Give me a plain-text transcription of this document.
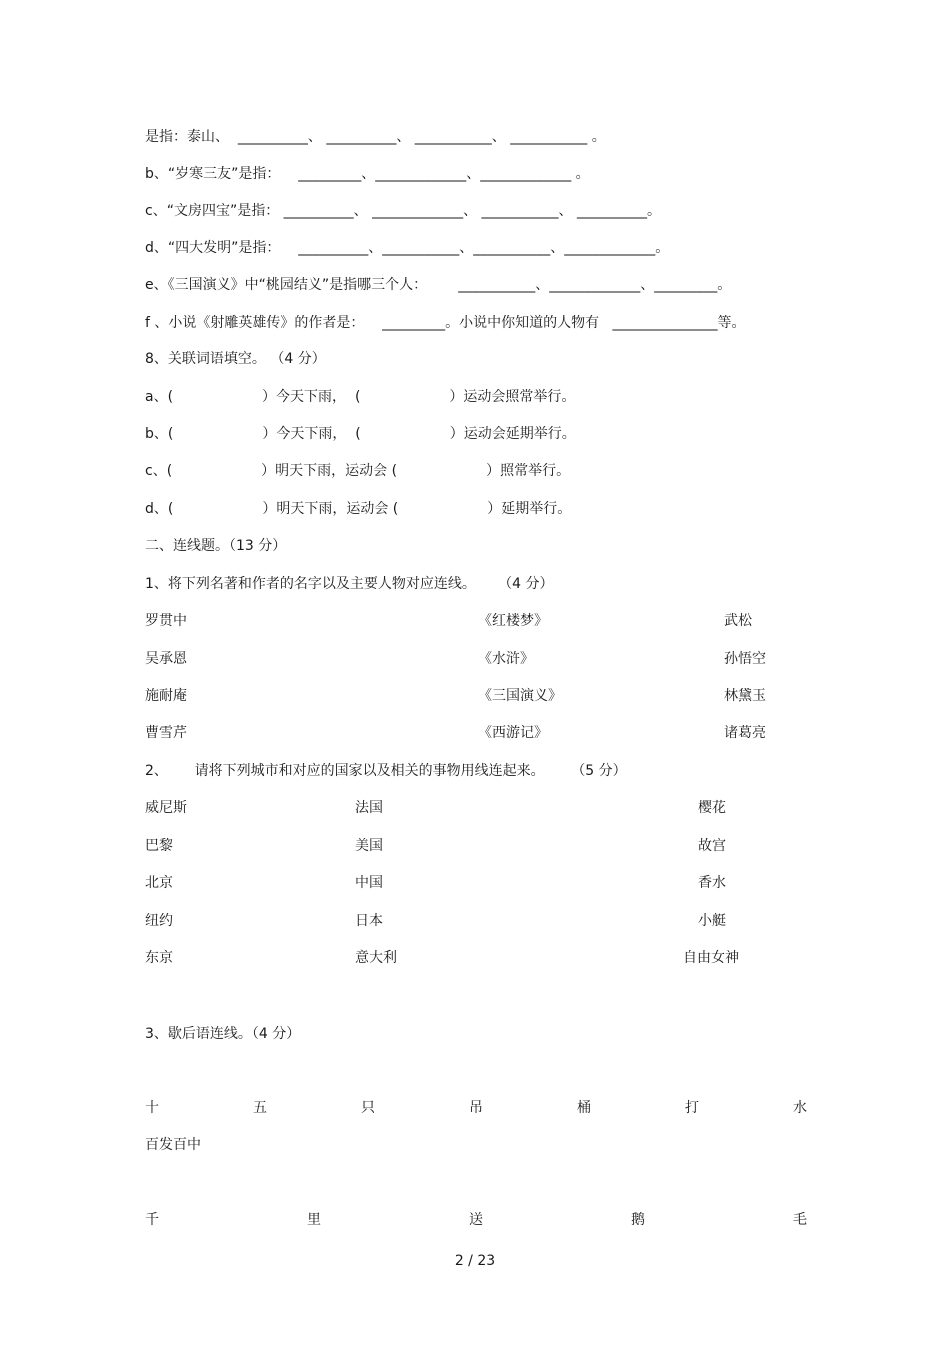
是指：泰山、  __________、 __________、 ___________、 ___________ 。
b、“岁寒三友”是指：    _________、_____________、_____________ 。
c、“文房四宝”是指： __________、 _____________、 ___________、 __________。
d、“四大发明”是指：    __________、___________、___________、_____________。
e、《三国演义》中“桃园结义”是指哪三个人：       ___________、_____________、_________。
f 、小说《射雕英雄传》的作者是：    _________。小说中你知道的人物有   _______________等。
8、关联词语填空。 （4 分）
a、(                    ）今天下雨，  (                    ）运动会照常举行。
b、(                    ）今天下雨，  (                    ）运动会延期举行。
c、(                    ）明天下雨，运动会 (                    ）照常举行。
d、(                    ）明天下雨，运动会 (                    ）延期举行。
二、连线题。（13 分）
1、将下列名著和作者的名字以及主要人物对应连线。     （4 分）
罗贯中	《红楼梦》	武松
吴承恩	《水浒》	孙悟空
施耐庵	《三国演义》	林黛玉
曹雪芹	《西游记》	诸葛亮
2、      请将下列城市和对应的国家以及相关的事物用线连起来。      （5 分）
威尼斯	法国	樱花
巴黎	美国	故宫
北京	中国	香水
纽约	日本	小艇
东京	意大利	自由女神
3、歇后语连线。（4 分）
十	五	只	吊	桶	打	水
百发百中
千	里	送	鹅	毛
2 / 23
